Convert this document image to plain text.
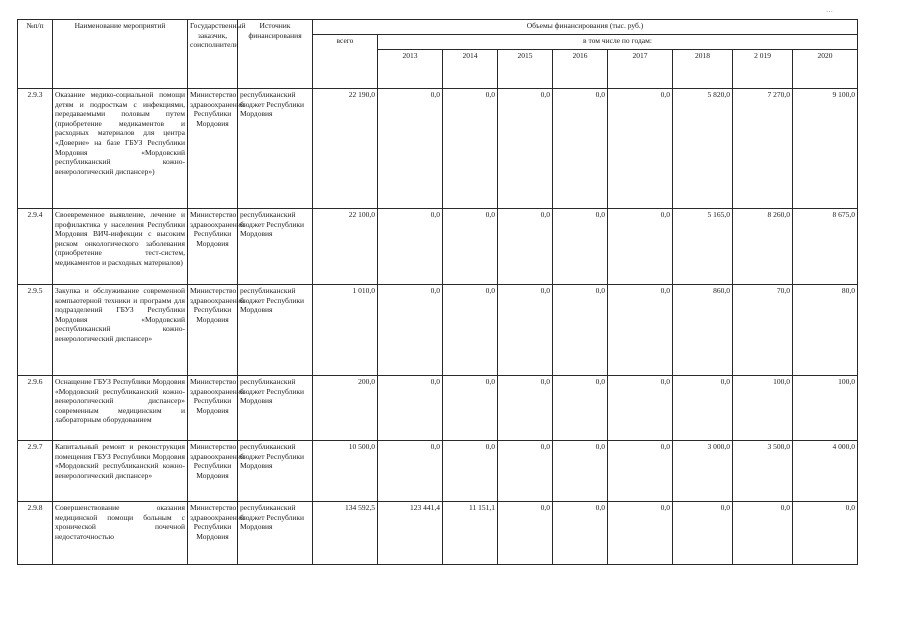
…
№п/п	Наименование мероприятий	Государственный заказчик, соисполнители	Источник финансирования	Объемы финансирования (тыс. руб.)								
				всего	в том числе по годам:							
					2013	2014	2015	2016	2017	2018	2 019	2020
2.9.3	Оказание медико-социальной помощи детям и подросткам с инфекциями, передаваемыми половым путем (приобретение медикаментов и расходных материалов для центра «Доверие» на базе ГБУЗ Республики Мордовия «Мордовский республиканский кожно-венерологический диспансер»)	Министерство здравоохранения Республики Мордовия	республиканский бюджет Республики Мордовия	22 190,0	0,0	0,0	0,0	0,0	0,0	5 820,0	7 270,0	9 100,0
2.9.4	Своевременное выявление, лечение и профилактика у населения Республики Мордовия ВИЧ-инфекции с высоким риском онкологического заболевания (приобретение тест-систем, медикаментов и расходных материалов)	Министерство здравоохранения Республики Мордовия	республиканский бюджет Республики Мордовия	22 100,0	0,0	0,0	0,0	0,0	0,0	5 165,0	8 260,0	8 675,0
2.9.5	Закупка и обслуживание современной компьютерной техники и программ для подразделений ГБУЗ Республики Мордовия «Мордовский республиканский кожно-венерологический диспансер»	Министерство здравоохранения Республики Мордовия	республиканский бюджет Республики Мордовия	1 010,0	0,0	0,0	0,0	0,0	0,0	860,0	70,0	80,0
2.9.6	Оснащение ГБУЗ Республики Мордовия «Мордовский республиканский кожно-венерологический диспансер» современным медицинским и лабораторным оборудованием	Министерство здравоохранения Республики Мордовия	республиканский бюджет Республики Мордовия	200,0	0,0	0,0	0,0	0,0	0,0	0,0	100,0	100,0
2.9.7	Капитальный ремонт и реконструкция помещения ГБУЗ Республики Мордовия «Мордовский республиканский кожно-венерологический диспансер»	Министерство здравоохранения Республики Мордовия	республиканский бюджет Республики Мордовия	10 500,0	0,0	0,0	0,0	0,0	0,0	3 000,0	3 500,0	4 000,0
2.9.8	Совершенствование оказания медицинской помощи больным с хронической почечной недостаточностью	Министерство здравоохранения Республики Мордовия	республиканский бюджет Республики Мордовия	134 592,5	123 441,4	11 151,1	0,0	0,0	0,0	0,0	0,0	0,0
